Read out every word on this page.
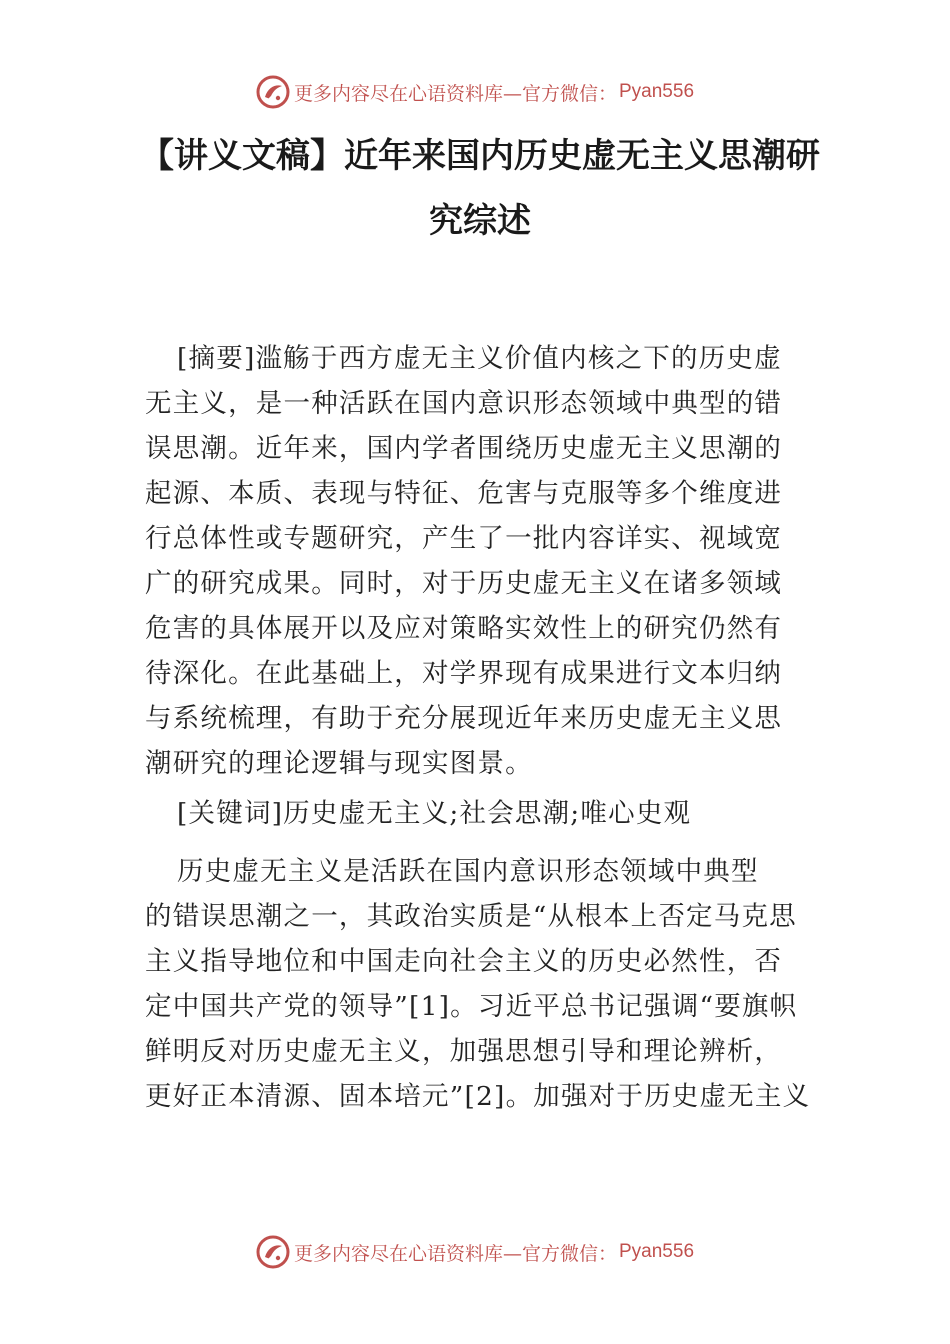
更多内容尽在心语资料库—官方微信： Pyan556
【讲义文稿】近年来国内历史虚无主义思潮研
究综述

[摘要]滥觞于西方虚无主义价值内核之下的历史虚
无主义，是一种活跃在国内意识形态领域中典型的错
误思潮。近年来，国内学者围绕历史虚无主义思潮的
起源、本质、表现与特征、危害与克服等多个维度进
行总体性或专题研究，产生了一批内容详实、视域宽
广的研究成果。同时，对于历史虚无主义在诸多领域
危害的具体展开以及应对策略实效性上的研究仍然有
待深化。在此基础上，对学界现有成果进行文本归纳
与系统梳理，有助于充分展现近年来历史虚无主义思
潮研究的理论逻辑与现实图景。

[关键词]历史虚无主义;社会思潮;唯心史观

历史虚无主义是活跃在国内意识形态领域中典型
的错误思潮之一，其政治实质是“从根本上否定马克思
主义指导地位和中国走向社会主义的历史必然性，否
定中国共产党的领导”[1]。习近平总书记强调“要旗帜
鲜明反对历史虚无主义，加强思想引导和理论辨析，
更好正本清源、固本培元”[2]。加强对于历史虚无主义

更多内容尽在心语资料库—官方微信： Pyan556
